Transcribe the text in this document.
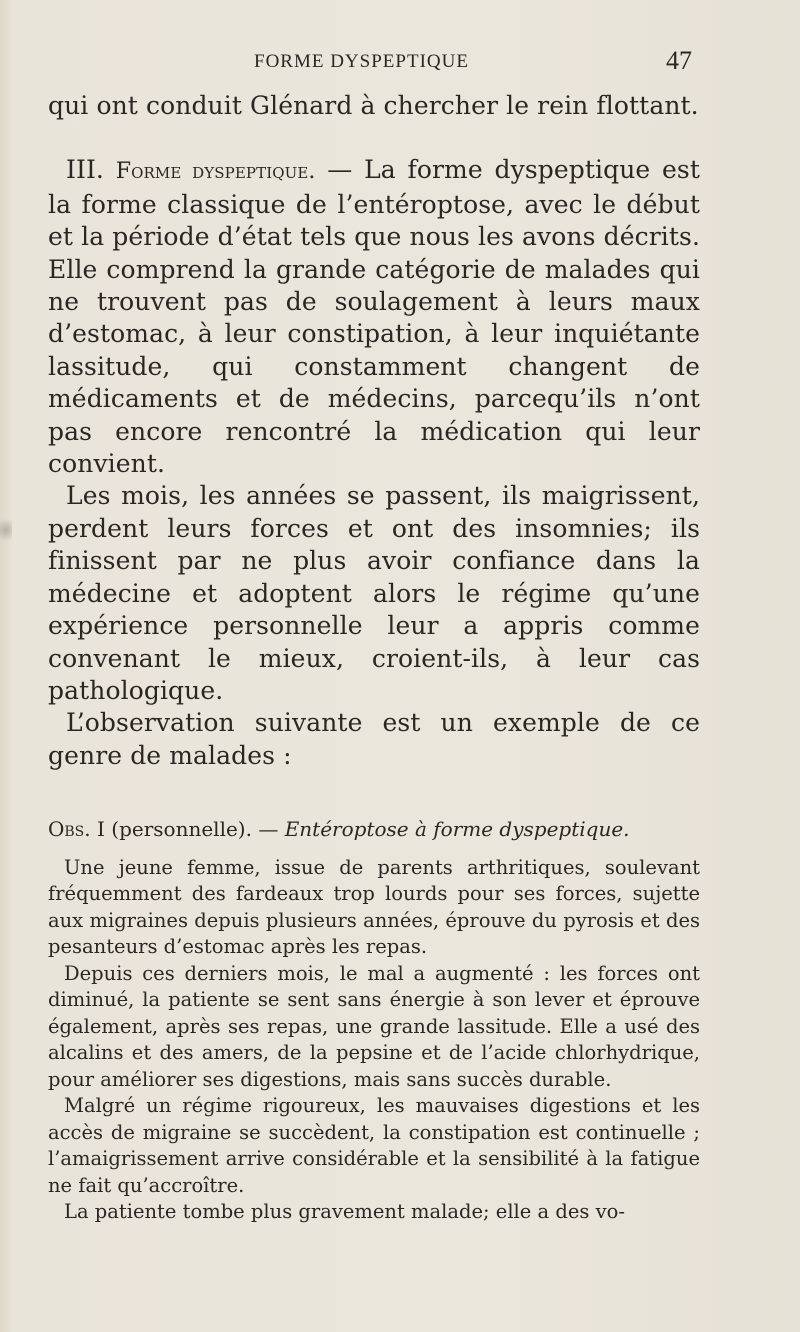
FORME DYSPEPTIQUE	47

qui ont conduit Glénard à chercher le rein flottant.

III. Forme dyspeptique. — La forme dyspeptique est la forme classique de l’entéroptose, avec le début et la période d’état tels que nous les avons décrits. Elle comprend la grande catégorie de malades qui ne trouvent pas de soulagement à leurs maux d’estomac, à leur constipation, à leur inquiétante lassitude, qui constamment changent de médicaments et de médecins, parcequ’ils n’ont pas encore rencontré la médication qui leur convient.

Les mois, les années se passent, ils maigrissent, perdent leurs forces et ont des insomnies; ils finissent par ne plus avoir confiance dans la médecine et adoptent alors le régime qu’une expérience personnelle leur a appris comme convenant le mieux, croient-ils, à leur cas pathologique.

L’observation suivante est un exemple de ce genre de malades :

Obs. I (personnelle). — Entéroptose à forme dyspeptique.

Une jeune femme, issue de parents arthritiques, soulevant fréquemment des fardeaux trop lourds pour ses forces, sujette aux migraines depuis plusieurs années, éprouve du pyrosis et des pesanteurs d’estomac après les repas.

Depuis ces derniers mois, le mal a augmenté : les forces ont diminué, la patiente se sent sans énergie à son lever et éprouve également, après ses repas, une grande lassitude. Elle a usé des alcalins et des amers, de la pepsine et de l’acide chlorhydrique, pour améliorer ses digestions, mais sans succès durable.

Malgré un régime rigoureux, les mauvaises digestions et les accès de migraine se succèdent, la constipation est continuelle ; l’amaigrissement arrive considérable et la sensibilité à la fatigue ne fait qu’accroître.

La patiente tombe plus gravement malade; elle a des vo-
